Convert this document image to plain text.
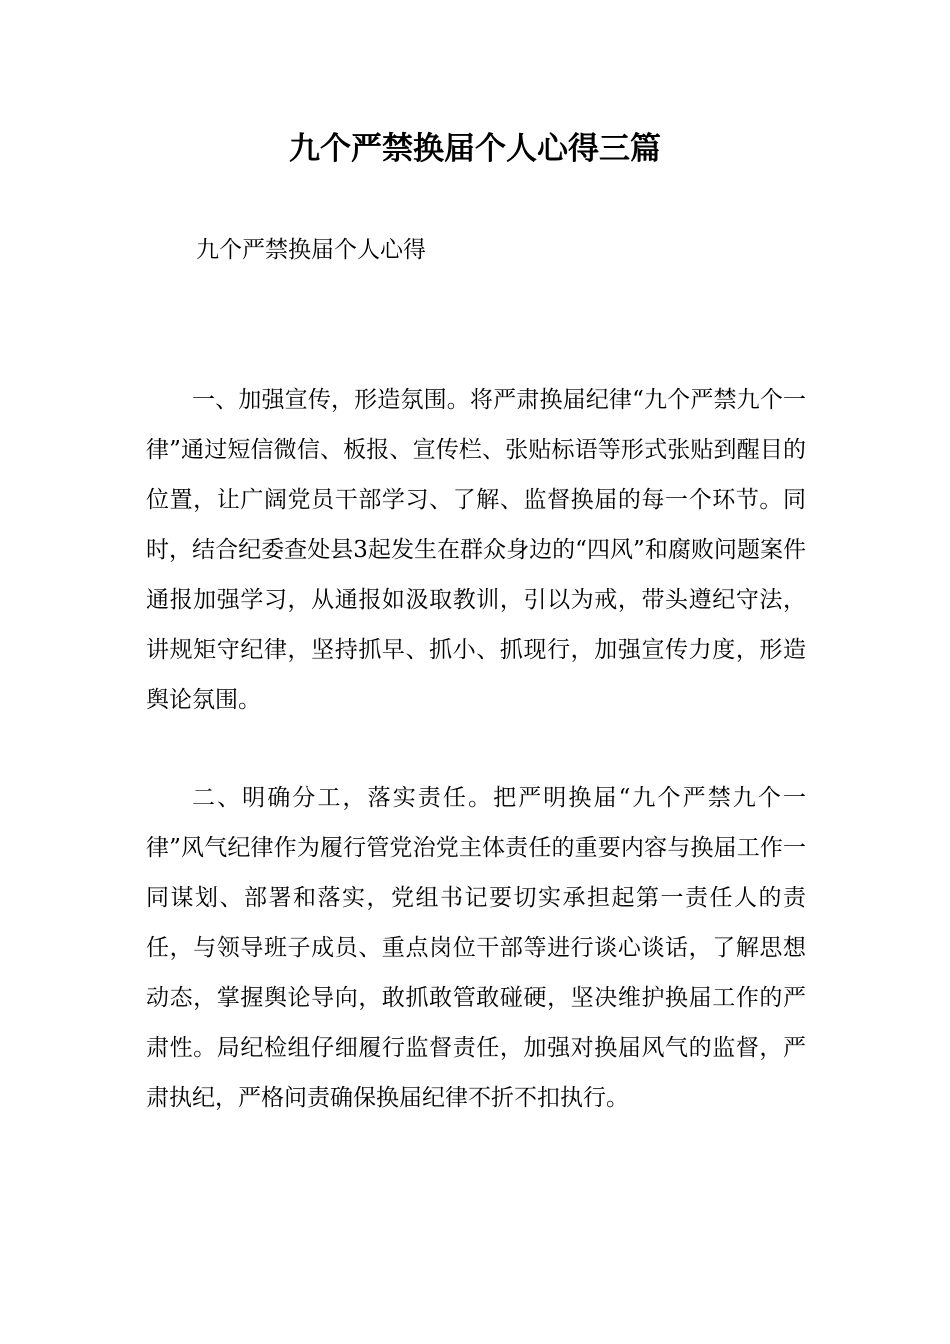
九个严禁换届个人心得三篇

九个严禁换届个人心得

一、加强宣传，形造氛围。将严肃换届纪律“九个严禁九个一律”通过短信微信、板报、宣传栏、张贴标语等形式张贴到醒目的位置，让广阔党员干部学习、了解、监督换届的每一个环节。同时，结合纪委查处县3起发生在群众身边的“四风”和腐败问题案件通报加强学习，从通报如汲取教训，引以为戒，带头遵纪守法，讲规矩守纪律，坚持抓早、抓小、抓现行，加强宣传力度，形造舆论氛围。

二、明确分工，落实责任。把严明换届“九个严禁九个一律”风气纪律作为履行管党治党主体责任的重要内容与换届工作一同谋划、部署和落实，党组书记要切实承担起第一责任人的责任，与领导班子成员、重点岗位干部等进行谈心谈话，了解思想动态，掌握舆论导向，敢抓敢管敢碰硬，坚决维护换届工作的严肃性。局纪检组仔细履行监督责任，加强对换届风气的监督，严肃执纪，严格问责确保换届纪律不折不扣执行。
